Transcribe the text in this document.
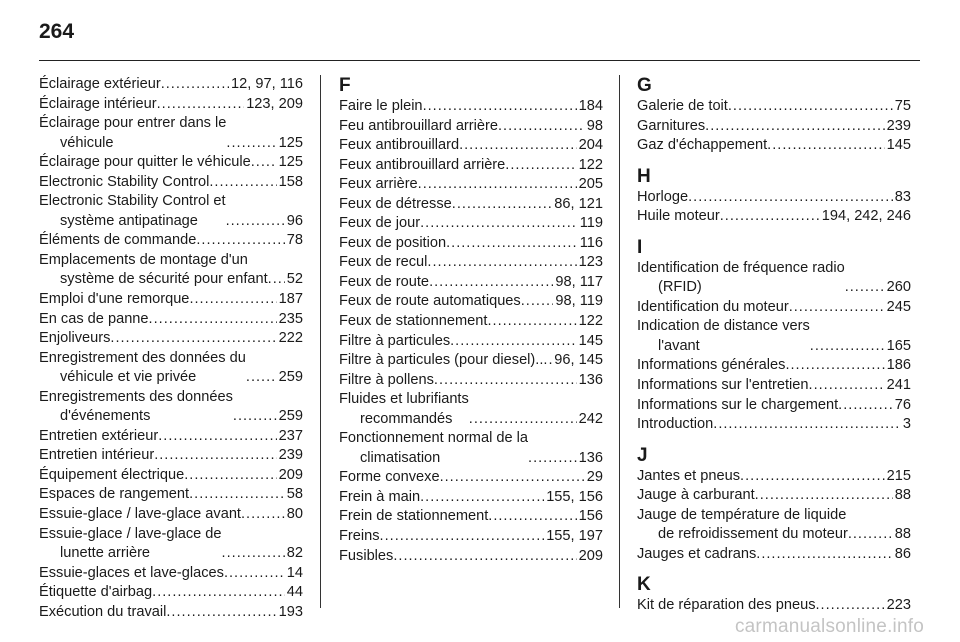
264
Éclairage extérieur .....	12, 97, 116
Éclairage intérieur .....	123, 209
Éclairage pour entrer dans le
véhicule .....	125
Éclairage pour quitter le véhicule ..... 125
Electronic Stability Control .....	158
Electronic Stability Control et
système antipatinage .....	96
Éléments de commande .....	78
Emplacements de montage d'un
système de sécurité pour enfant ..... 52
Emploi d'une remorque .....	187
En cas de panne .....	235
Enjoliveurs .....	222
Enregistrement des données du
véhicule et vie privée .....	259
Enregistrements des données
d'événements .....	259
Entretien extérieur .....	237
Entretien intérieur .....	239
Équipement électrique .....	209
Espaces de rangement .....	58
Essuie-glace / lave-glace avant .....	80
Essuie-glace / lave-glace de
lunette arrière .....	82
Essuie-glaces et lave-glaces .....	14
Étiquette d'airbag .....	44
Exécution du travail .....	193
F
Faire le plein .....	184
Feu antibrouillard arrière .....	98
Feux antibrouillard .....	204
Feux antibrouillard arrière .....	122
Feux arrière .....	205
Feux de détresse .....	86, 121
Feux de jour .....	119
Feux de position .....	116
Feux de recul .....	123
Feux de route .....	98, 117
Feux de route automatiques ..... 98, 119
Feux de stationnement .....	122
Filtre à particules .....	145
Filtre à particules (pour diesel).. ..... 96, 145
Filtre à pollens .....	136
Fluides et lubrifiants
recommandés .....	242
Fonctionnement normal de la
climatisation .....	136
Forme convexe .....	29
Frein à main .....	155, 156
Frein de stationnement .....	156
Freins .....	155, 197
Fusibles .....	209
G
Galerie de toit .....	75
Garnitures .....	239
Gaz d'échappement .....	145
H
Horloge .....	83
Huile moteur .....	194, 242, 246
I
Identification de fréquence radio
(RFID) .....	260
Identification du moteur .....	245
Indication de distance vers
l'avant .....	165
Informations générales .....	186
Informations sur l'entretien .....	241
Informations sur le chargement .....	76
Introduction .....	3
J
Jantes et pneus .....	215
Jauge à carburant .....	88
Jauge de température de liquide
de refroidissement du moteur .....	88
Jauges et cadrans .....	86
K
Kit de réparation des pneus .....	223
carmanualsonline.info
